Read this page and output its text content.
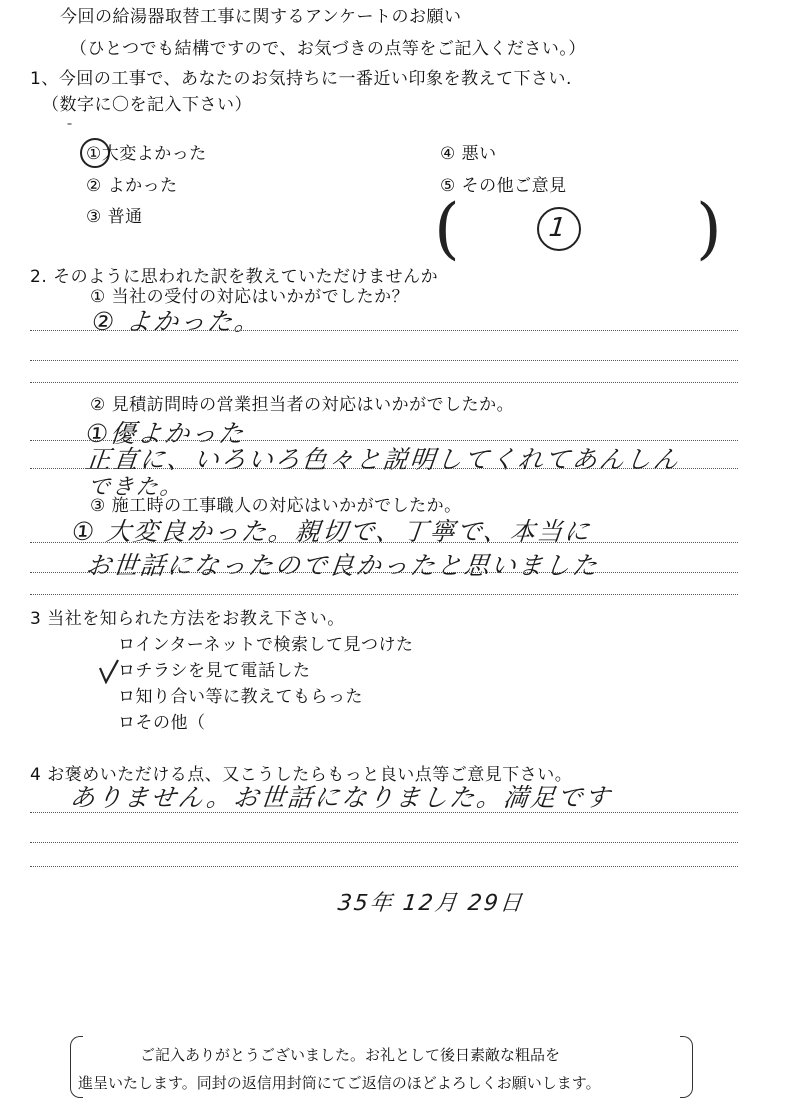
今回の給湯器取替工事に関するアンケートのお願い
（ひとつでも結構ですので、お気づきの点等をご記入ください。）
1、今回の工事で、あなたのお気持ちに一番近い印象を教えて下さい.
（数字に〇を記入下さい）
ˉ
①大変よかった
② よかった
③ 普通
④ 悪い
⑤ その他ご意見
(	1 )
2. そのように思われた訳を教えていただけませんか
① 当社の受付の対応はいかがでしたか？
② よかった。
② 見積訪問時の営業担当者の対応はいかがでしたか。
①優よかった
正直に、いろいろ色々と説明してくれてあんしん
できた。
③ 施工時の工事職人の対応はいかがでしたか。
① 大変良かった。親切で、丁寧で、本当に
お世話になったので良かったと思いました
3 当社を知られた方法をお教え下さい。
ロインターネットで検索して見つけた
ロチラシを見て電話した
ロ知り合い等に教えてもらった
ロその他（
4 お褒めいただける点、又こうしたらもっと良い点等ご意見下さい。
ありません。お世話になりました。満足です
35年 12月 29日
ご記入ありがとうございました。お礼として後日素敵な粗品を
進呈いたします。同封の返信用封筒にてご返信のほどよろしくお願いします。
